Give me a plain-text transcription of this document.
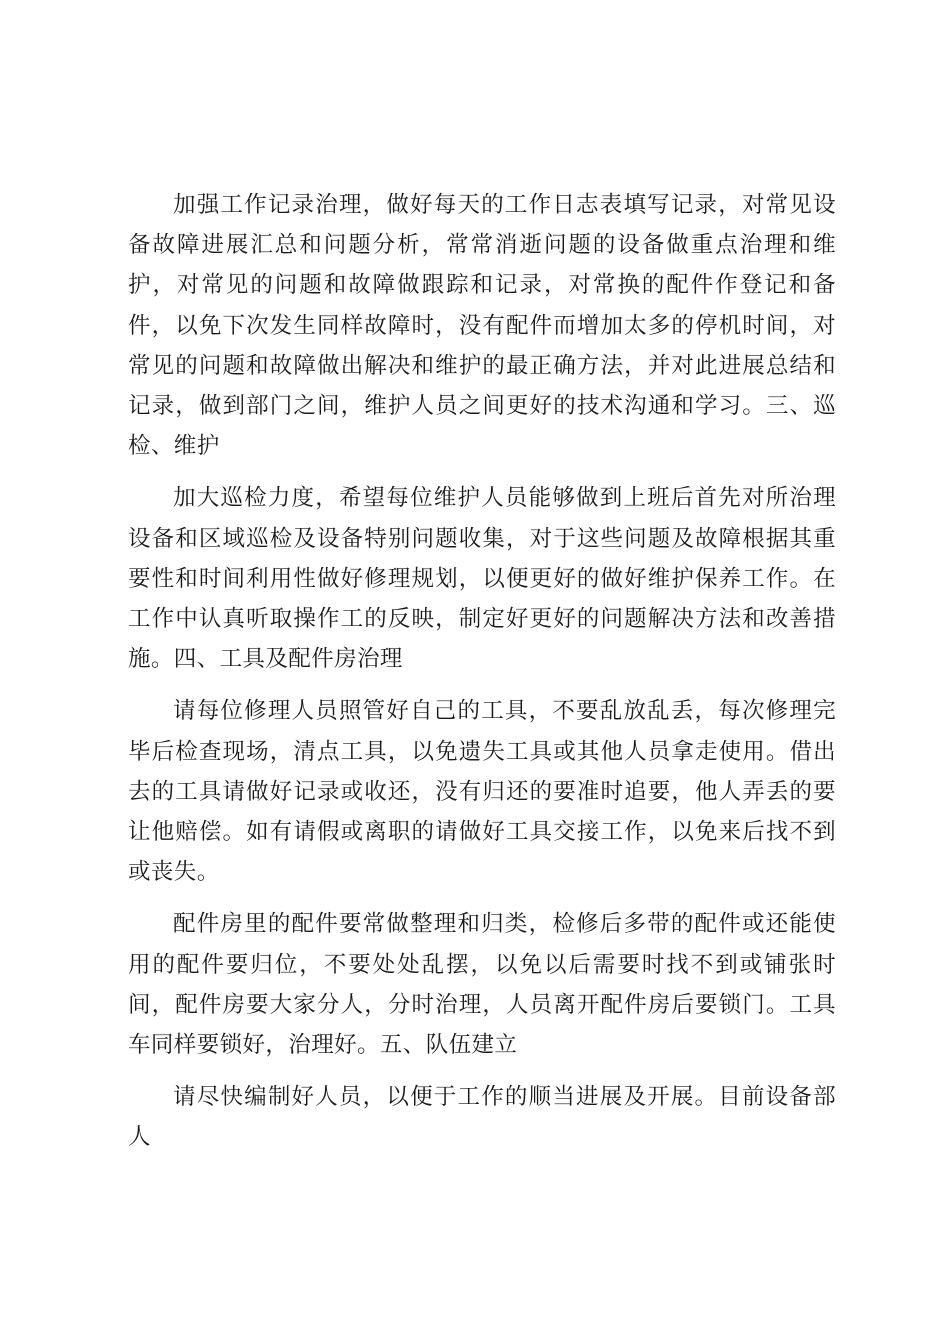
加强工作记录治理，做好每天的工作日志表填写记录，对常见设备故障进展汇总和问题分析，常常消逝问题的设备做重点治理和维护，对常见的问题和故障做跟踪和记录，对常换的配件作登记和备件，以免下次发生同样故障时，没有配件而增加太多的停机时间，对常见的问题和故障做出解决和维护的最正确方法，并对此进展总结和记录，做到部门之间，维护人员之间更好的技术沟通和学习。三、巡检、维护

加大巡检力度，希望每位维护人员能够做到上班后首先对所治理设备和区域巡检及设备特别问题收集，对于这些问题及故障根据其重要性和时间利用性做好修理规划，以便更好的做好维护保养工作。在工作中认真听取操作工的反映，制定好更好的问题解决方法和改善措施。四、工具及配件房治理

请每位修理人员照管好自己的工具，不要乱放乱丢，每次修理完毕后检查现场，清点工具，以免遗失工具或其他人员拿走使用。借出去的工具请做好记录或收还，没有归还的要准时追要，他人弄丢的要让他赔偿。如有请假或离职的请做好工具交接工作，以免来后找不到或丧失。

配件房里的配件要常做整理和归类，检修后多带的配件或还能使用的配件要归位，不要处处乱摆，以免以后需要时找不到或铺张时间，配件房要大家分人，分时治理，人员离开配件房后要锁门。工具车同样要锁好，治理好。五、队伍建立

请尽快编制好人员，以便于工作的顺当进展及开展。目前设备部人
